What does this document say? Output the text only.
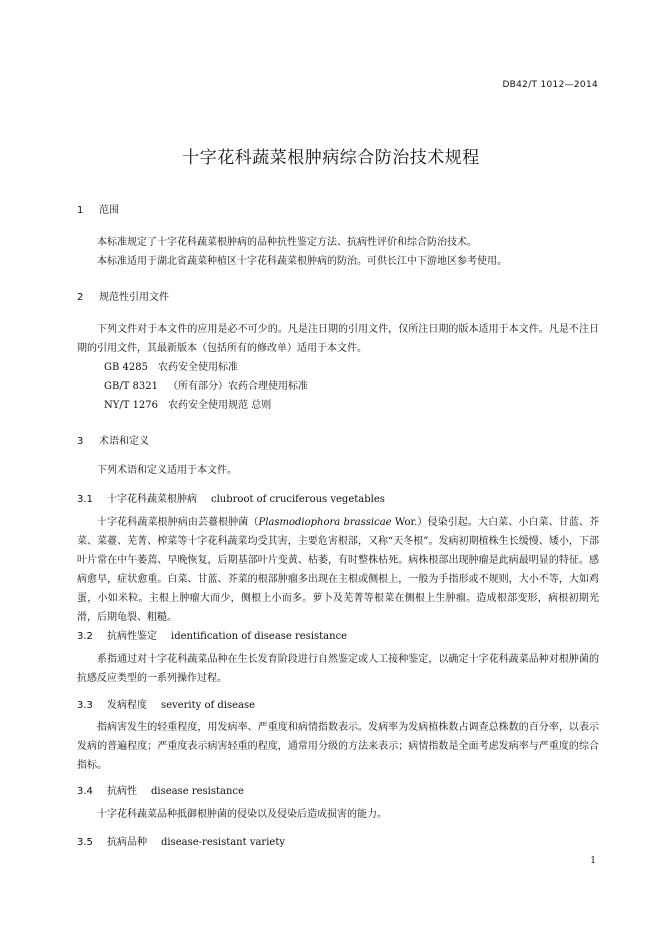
DB42/T 1012—2014
十字花科蔬菜根肿病综合防治技术规程
1 范围
本标准规定了十字花科蔬菜根肿病的品种抗性鉴定方法、抗病性评价和综合防治技术。
本标准适用于湖北省蔬菜种植区十字花科蔬菜根肿病的防治。可供长江中下游地区参考使用。
2 规范性引用文件
下列文件对于本文件的应用是必不可少的。凡是注日期的引用文件，仅所注日期的版本适用于本文件。凡是不注日期的引用文件，其最新版本（包括所有的修改单）适用于本文件。
GB 4285 农药安全使用标准
GB/T 8321 （所有部分）农药合理使用标准
NY/T 1276 农药安全使用规范 总则
3 术语和定义
下列术语和定义适用于本文件。
3.1 十字花科蔬菜根肿病 clubroot of cruciferous vegetables
十字花科蔬菜根肿病由芸薹根肿菌（Plasmodiophora brassicae Wor.）侵染引起。大白菜、小白菜、甘蓝、芥菜、菜薹、芜菁、榨菜等十字花科蔬菜均受其害，主要危害根部，又称“天冬根”。发病初期植株生长缓慢、矮小，下部叶片常在中午萎蔫、早晚恢复，后期基部叶片变黄、枯萎，有时整株枯死。病株根部出现肿瘤是此病最明显的特征。感病愈早，症状愈重。白菜、甘蓝、芥菜的根部肿瘤多出现在主根或侧根上，一般为手指形或不规则，大小不等，大如鸡蛋，小如米粒。主根上肿瘤大而少，侧根上小而多。萝卜及芜菁等根菜在侧根上生肿瘤。造成根部变形，病根初期光滑，后期龟裂、粗糙。
3.2 抗病性鉴定 identification of disease resistance
系指通过对十字花科蔬菜品种在生长发育阶段进行自然鉴定或人工接种鉴定，以确定十字花科蔬菜品种对根肿菌的抗感反应类型的一系列操作过程。
3.3 发病程度 severity of disease
指病害发生的轻重程度，用发病率、严重度和病情指数表示。发病率为发病植株数占调查总株数的百分率，以表示发病的普遍程度；严重度表示病害轻重的程度，通常用分级的方法来表示；病情指数是全面考虑发病率与严重度的综合指标。
3.4 抗病性 disease resistance
十字花科蔬菜品种抵御根肿菌的侵染以及侵染后造成损害的能力。
3.5 抗病品种 disease-resistant variety
1
